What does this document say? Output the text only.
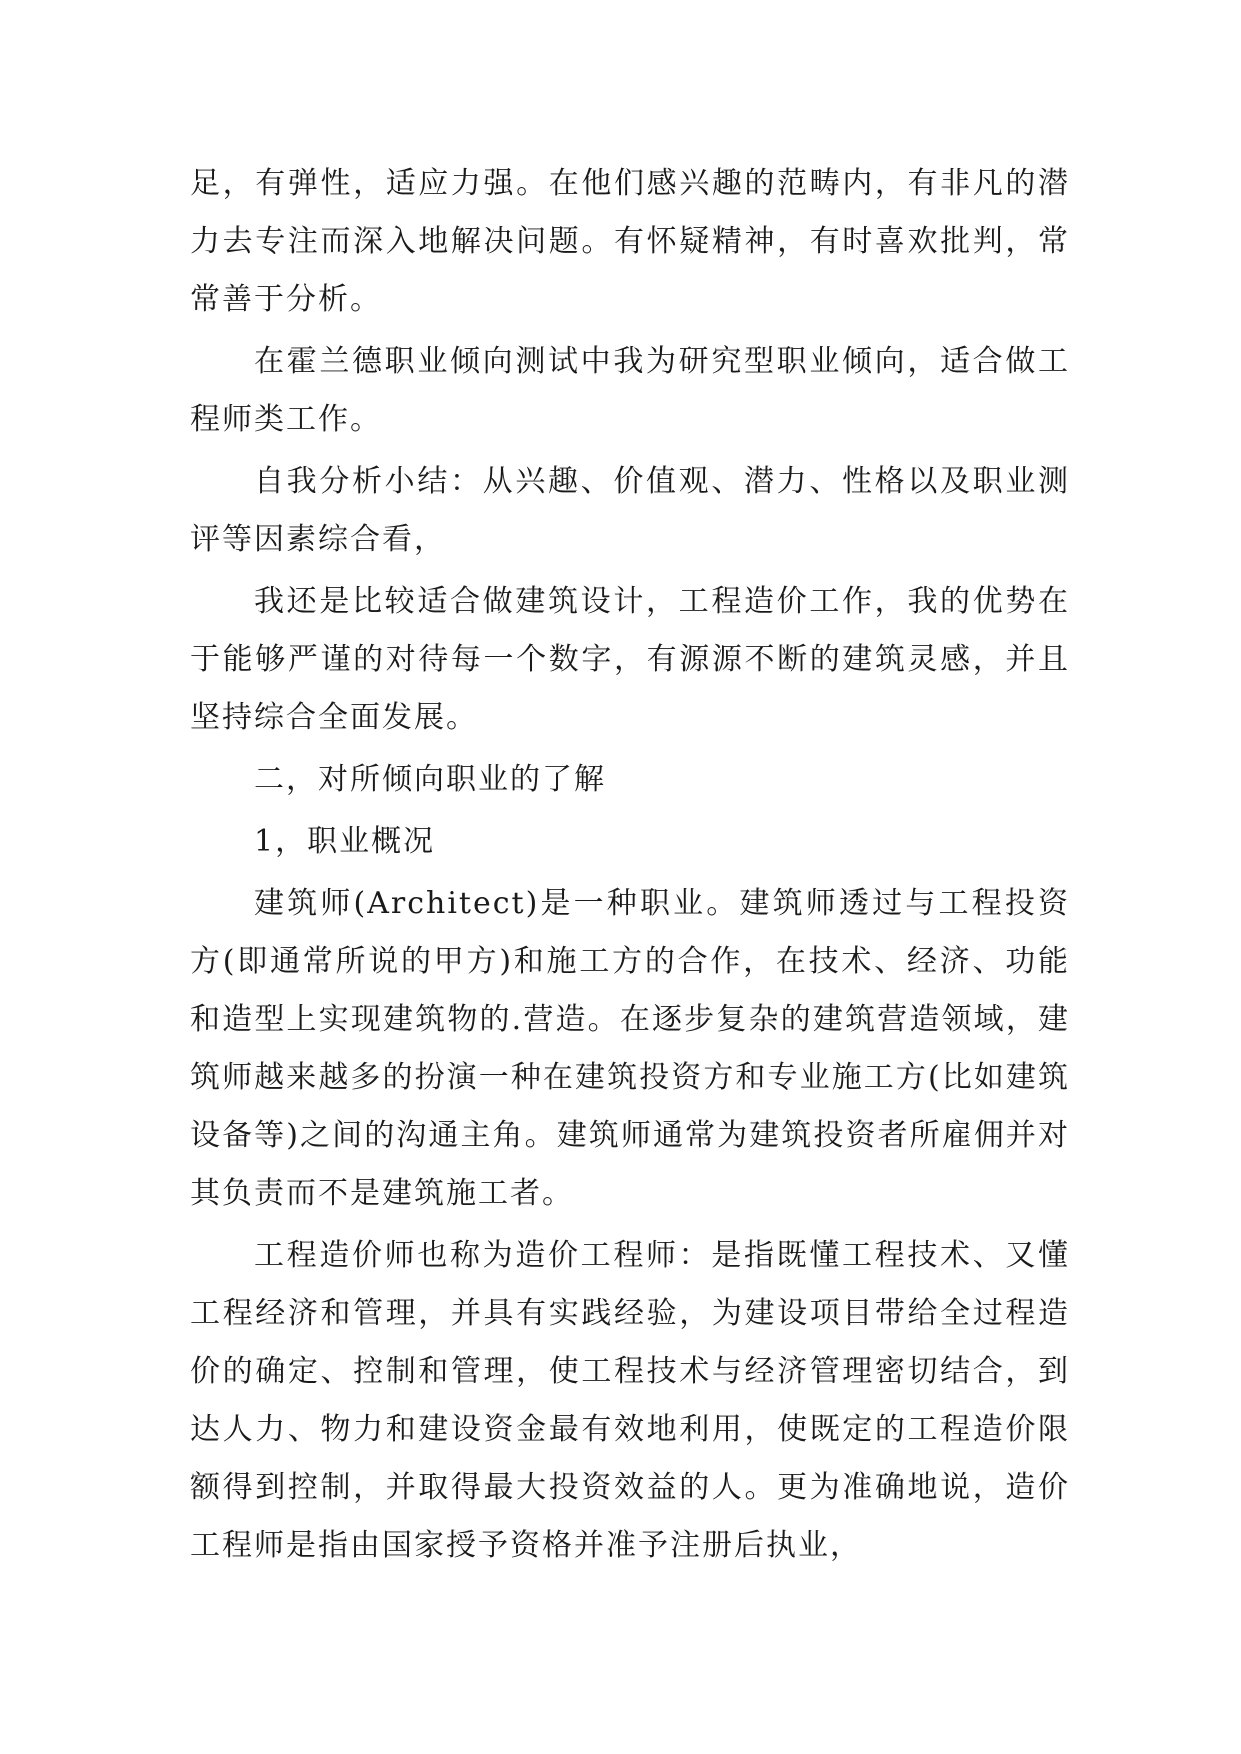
足，有弹性，适应力强。在他们感兴趣的范畴内，有非凡的潜力去专注而深入地解决问题。有怀疑精神，有时喜欢批判，常常善于分析。

在霍兰德职业倾向测试中我为研究型职业倾向，适合做工程师类工作。

自我分析小结：从兴趣、价值观、潜力、性格以及职业测评等因素综合看，

我还是比较适合做建筑设计，工程造价工作，我的优势在于能够严谨的对待每一个数字，有源源不断的建筑灵感，并且坚持综合全面发展。

二，对所倾向职业的了解

1，职业概况

建筑师(Architect)是一种职业。建筑师透过与工程投资方(即通常所说的甲方)和施工方的合作，在技术、经济、功能和造型上实现建筑物的.营造。在逐步复杂的建筑营造领域，建筑师越来越多的扮演一种在建筑投资方和专业施工方(比如建筑设备等)之间的沟通主角。建筑师通常为建筑投资者所雇佣并对其负责而不是建筑施工者。

工程造价师也称为造价工程师：是指既懂工程技术、又懂工程经济和管理，并具有实践经验，为建设项目带给全过程造价的确定、控制和管理，使工程技术与经济管理密切结合，到达人力、物力和建设资金最有效地利用，使既定的工程造价限额得到控制，并取得最大投资效益的人。更为准确地说，造价工程师是指由国家授予资格并准予注册后执业，
